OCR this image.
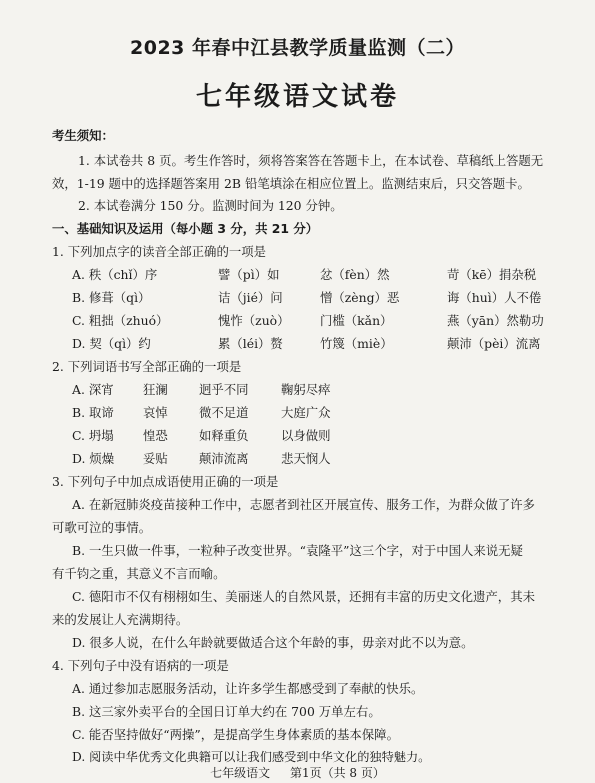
2023 年春中江县教学质量监测（二）
七年级语文试卷
考生须知：
1. 本试卷共 8 页。考生作答时，须将答案答在答题卡上，在本试卷、草稿纸上答题无
效，1-19 题中的选择题答案用 2B 铅笔填涂在相应位置上。监测结束后，只交答题卡。
2. 本试卷满分 150 分。监测时间为 120 分钟。
一、基础知识及运用（每小题 3 分，共 21 分）
1. 下列加点字的读音全部正确的一项是
A. 秩（chǐ）序	譬（pì）如	忿（fèn）然	苛（kē）捐杂税
B. 修葺（qì）	诘（jié）问	憎（zèng）恶	诲（huì）人不倦
C. 粗拙（zhuó）	愧怍（zuò） 门槛（kǎn）	燕（yān）然勒功
D. 契（qì）约	累（léi）赘	竹篾（miè）	颠沛（pèi）流离
2. 下列词语书写全部正确的一项是
A. 深宵 狂澜	迥乎不同	鞠躬尽瘁
B. 取谛 哀悼	微不足道	大庭广众
C. 坍塌 惶恐	如释重负	以身做则
D. 烦燥 妥贴	颠沛流离	悲天悯人
3. 下列句子中加点成语使用正确的一项是
A. 在新冠肺炎疫苗接种工作中，志愿者到社区开展宣传、服务工作，为群众做了许多
可歌可泣的事情。
B. 一生只做一件事，一粒种子改变世界。“袁隆平”这三个字，对于中国人来说无疑
有千钧之重，其意义不言而喻。
C. 德阳市不仅有栩栩如生、美丽迷人的自然风景，还拥有丰富的历史文化遗产，其未
来的发展让人充满期待。
D. 很多人说，在什么年龄就要做适合这个年龄的事，毋亲对此不以为意。
4. 下列句子中没有语病的一项是
A. 通过参加志愿服务活动，让许多学生都感受到了奉献的快乐。
B. 这三家外卖平台的全国日订单大约在 700 万单左右。
C. 能否坚持做好“两操”，是提高学生身体素质的基本保障。
D. 阅读中华优秀文化典籍可以让我们感受到中华文化的独特魅力。
七年级语文 第1页（共 8 页）
